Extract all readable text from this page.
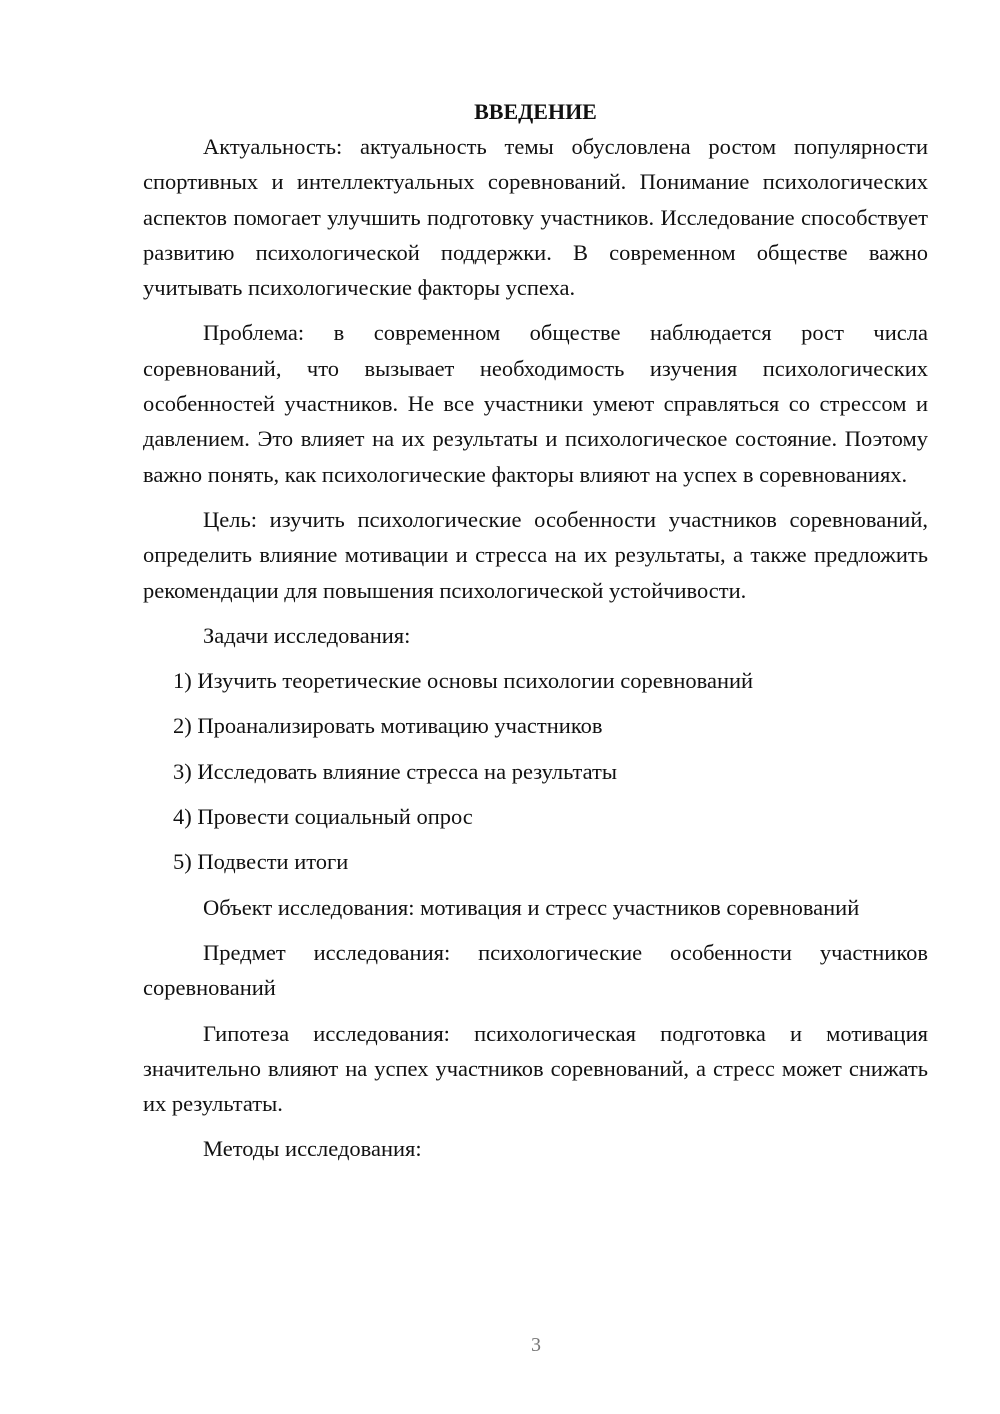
ВВЕДЕНИЕ

Актуальность: актуальность темы обусловлена ростом популярности спортивных и интеллектуальных соревнований. Понимание психологических аспектов помогает улучшить подготовку участников. Исследование способствует развитию психологической поддержки. В современном обществе важно учитывать психологические факторы успеха.

Проблема: в современном обществе наблюдается рост числа соревнований, что вызывает необходимость изучения психологических особенностей участников. Не все участники умеют справляться со стрессом и давлением. Это влияет на их результаты и психологическое состояние. Поэтому важно понять, как психологические факторы влияют на успех в соревнованиях.

Цель: изучить психологические особенности участников соревнований, определить влияние мотивации и стресса на их результаты, а также предложить рекомендации для повышения психологической устойчивости.

Задачи исследования:

1) Изучить теоретические основы психологии соревнований

2) Проанализировать мотивацию участников

3) Исследовать влияние стресса на результаты

4) Провести социальный опрос

5) Подвести итоги

Объект исследования: мотивация и стресс участников соревнований

Предмет исследования: психологические особенности участников соревнований

Гипотеза исследования: психологическая подготовка и мотивация значительно влияют на успех участников соревнований, а стресс может снижать их результаты.

Методы исследования:

3
